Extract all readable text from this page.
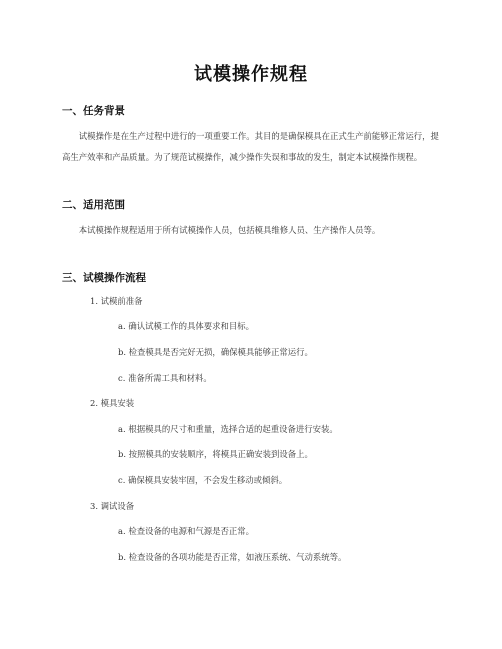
试模操作规程
一、任务背景
试模操作是在生产过程中进行的一项重要工作。其目的是确保模具在正式生产前能够正常运行，提高生产效率和产品质量。为了规范试模操作，减少操作失误和事故的发生，制定本试模操作规程。
二、适用范围
本试模操作规程适用于所有试模操作人员，包括模具维修人员、生产操作人员等。
三、试模操作流程
1. 试模前准备
a. 确认试模工作的具体要求和目标。
b. 检查模具是否完好无损，确保模具能够正常运行。
c. 准备所需工具和材料。
2. 模具安装
a. 根据模具的尺寸和重量，选择合适的起重设备进行安装。
b. 按照模具的安装顺序，将模具正确安装到设备上。
c. 确保模具安装牢固，不会发生移动或倾斜。
3. 调试设备
a. 检查设备的电源和气源是否正常。
b. 检查设备的各项功能是否正常，如液压系统、气动系统等。
